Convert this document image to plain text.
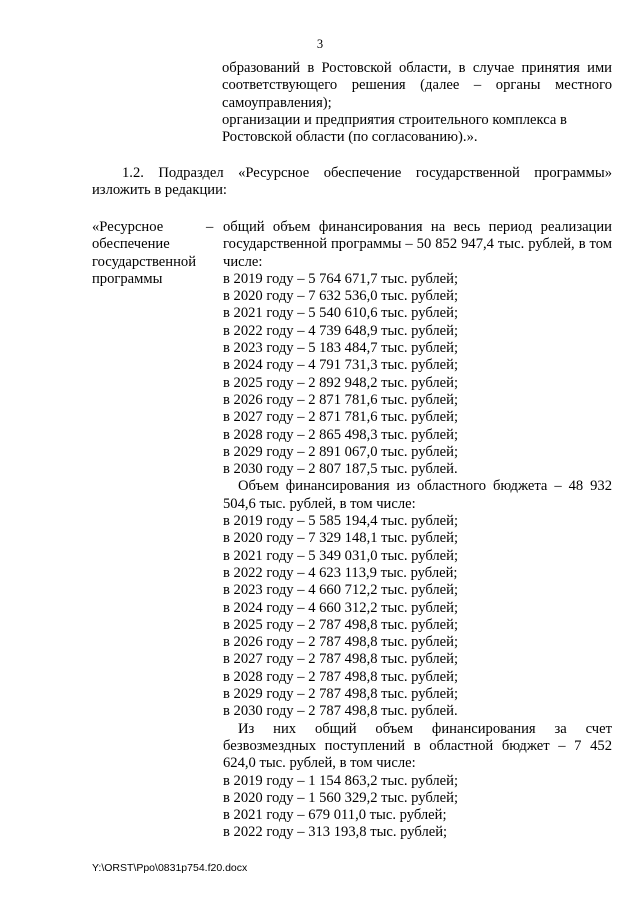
3

образований в Ростовской области, в случае принятия ими соответствующего решения (далее – органы местного самоуправления);

организации и предприятия строительного комплекса в Ростовской области (по согласованию).».

1.2. Подраздел «Ресурсное обеспечение государственной программы» изложить в редакции:

«Ресурсное обеспечение государственной программы
– общий объем финансирования на весь период реализации государственной программы – 50 852 947,4 тыс. рублей, в том числе:

в 2019 году – 5 764 671,7 тыс. рублей;

в 2020 году – 7 632 536,0 тыс. рублей;

в 2021 году – 5 540 610,6 тыс. рублей;

в 2022 году – 4 739 648,9 тыс. рублей;

в 2023 году – 5 183 484,7 тыс. рублей;

в 2024 году – 4 791 731,3 тыс. рублей;

в 2025 году – 2 892 948,2 тыс. рублей;

в 2026 году – 2 871 781,6 тыс. рублей;

в 2027 году – 2 871 781,6 тыс. рублей;

в 2028 году – 2 865 498,3 тыс. рублей;

в 2029 году – 2 891 067,0 тыс. рублей;

в 2030 году – 2 807 187,5 тыс. рублей.

Объем финансирования из областного бюджета – 48 932 504,6 тыс. рублей, в том числе:

в 2019 году – 5 585 194,4 тыс. рублей;

в 2020 году – 7 329 148,1 тыс. рублей;

в 2021 году – 5 349 031,0 тыс. рублей;

в 2022 году – 4 623 113,9 тыс. рублей;

в 2023 году – 4 660 712,2 тыс. рублей;

в 2024 году – 4 660 312,2 тыс. рублей;

в 2025 году – 2 787 498,8 тыс. рублей;

в 2026 году – 2 787 498,8 тыс. рублей;

в 2027 году – 2 787 498,8 тыс. рублей;

в 2028 году – 2 787 498,8 тыс. рублей;

в 2029 году – 2 787 498,8 тыс. рублей;

в 2030 году – 2 787 498,8 тыс. рублей.

Из них общий объем финансирования за счет безвозмездных поступлений в областной бюджет – 7 452 624,0 тыс. рублей, в том числе:

в 2019 году – 1 154 863,2 тыс. рублей;

в 2020 году – 1 560 329,2 тыс. рублей;

в 2021 году – 679 011,0 тыс. рублей;

в 2022 году – 313 193,8 тыс. рублей;

Y:\ORST\Ppo\0831p754.f20.docx
